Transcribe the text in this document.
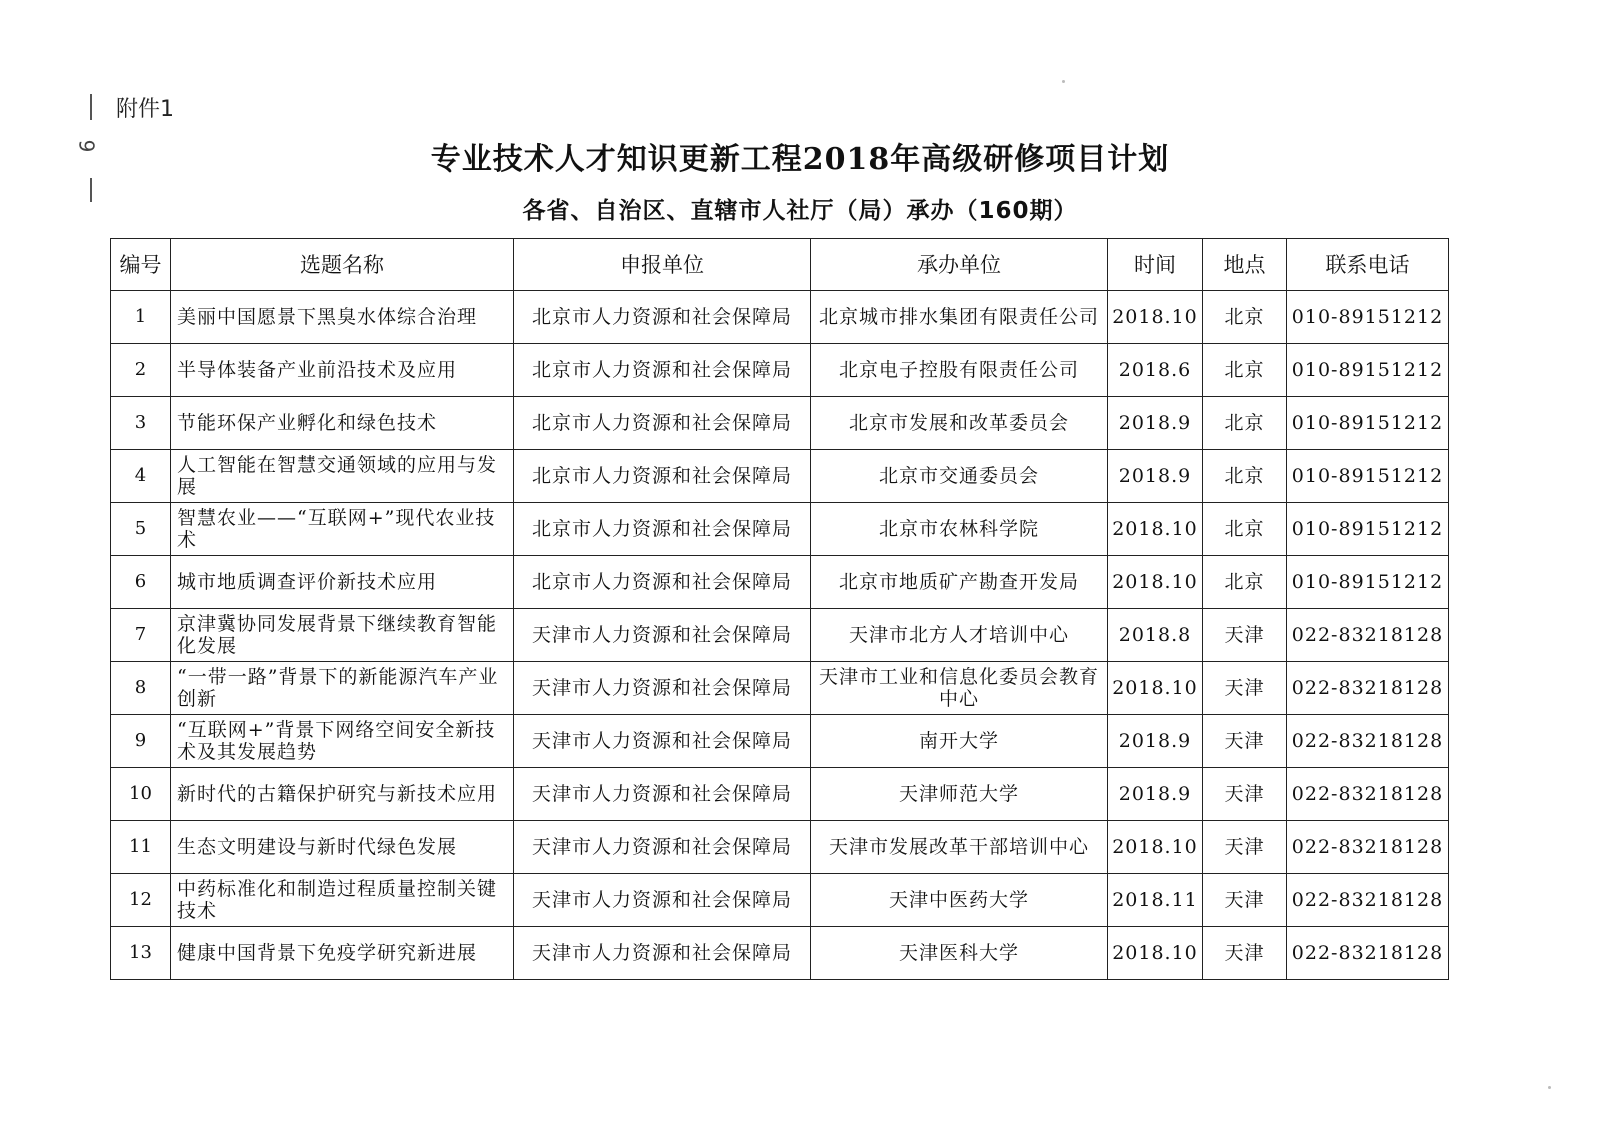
9
附件1
专业技术人才知识更新工程2018年高级研修项目计划
各省、自治区、直辖市人社厅（局）承办（160期）
编号	选题名称	申报单位	承办单位	时间	地点	联系电话
1	美丽中国愿景下黑臭水体综合治理	北京市人力资源和社会保障局	北京城市排水集团有限责任公司	2018.10	北京	010-89151212
2	半导体装备产业前沿技术及应用	北京市人力资源和社会保障局	北京电子控股有限责任公司	2018.6	北京	010-89151212
3	节能环保产业孵化和绿色技术	北京市人力资源和社会保障局	北京市发展和改革委员会	2018.9	北京	010-89151212
4	人工智能在智慧交通领域的应用与发展	北京市人力资源和社会保障局	北京市交通委员会	2018.9	北京	010-89151212
5	智慧农业——“互联网+”现代农业技术	北京市人力资源和社会保障局	北京市农林科学院	2018.10	北京	010-89151212
6	城市地质调查评价新技术应用	北京市人力资源和社会保障局	北京市地质矿产勘查开发局	2018.10	北京	010-89151212
7	京津冀协同发展背景下继续教育智能化发展	天津市人力资源和社会保障局	天津市北方人才培训中心	2018.8	天津	022-83218128
8	“一带一路”背景下的新能源汽车产业创新	天津市人力资源和社会保障局	天津市工业和信息化委员会教育中心	2018.10	天津	022-83218128
9	“互联网+”背景下网络空间安全新技术及其发展趋势	天津市人力资源和社会保障局	南开大学	2018.9	天津	022-83218128
10	新时代的古籍保护研究与新技术应用	天津市人力资源和社会保障局	天津师范大学	2018.9	天津	022-83218128
11	生态文明建设与新时代绿色发展	天津市人力资源和社会保障局	天津市发展改革干部培训中心	2018.10	天津	022-83218128
12	中药标准化和制造过程质量控制关键技术	天津市人力资源和社会保障局	天津中医药大学	2018.11	天津	022-83218128
13	健康中国背景下免疫学研究新进展	天津市人力资源和社会保障局	天津医科大学	2018.10	天津	022-83218128
